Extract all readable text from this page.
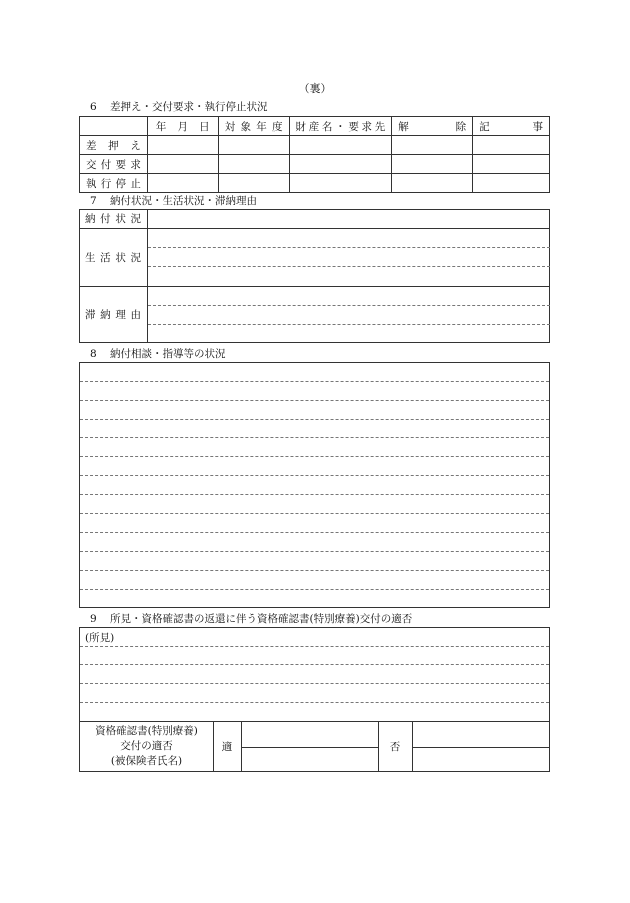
（裏）
6 差押え・交付要求・執行停止状況
	年　月　日	対象年度	財産名・要求先	解　　除	記　　事
差押え					
交付要求					
執行停止					
7 納付状況・生活状況・滞納理由
納付状況
生活状況
滞納理由
8 納付相談・指導等の状況
9 所見・資格確認書の返還に伴う資格確認書(特別療養)交付の適否
(所見)
資格確認書(特別療養)
交付の適否
(被保険者氏名)
適	否
